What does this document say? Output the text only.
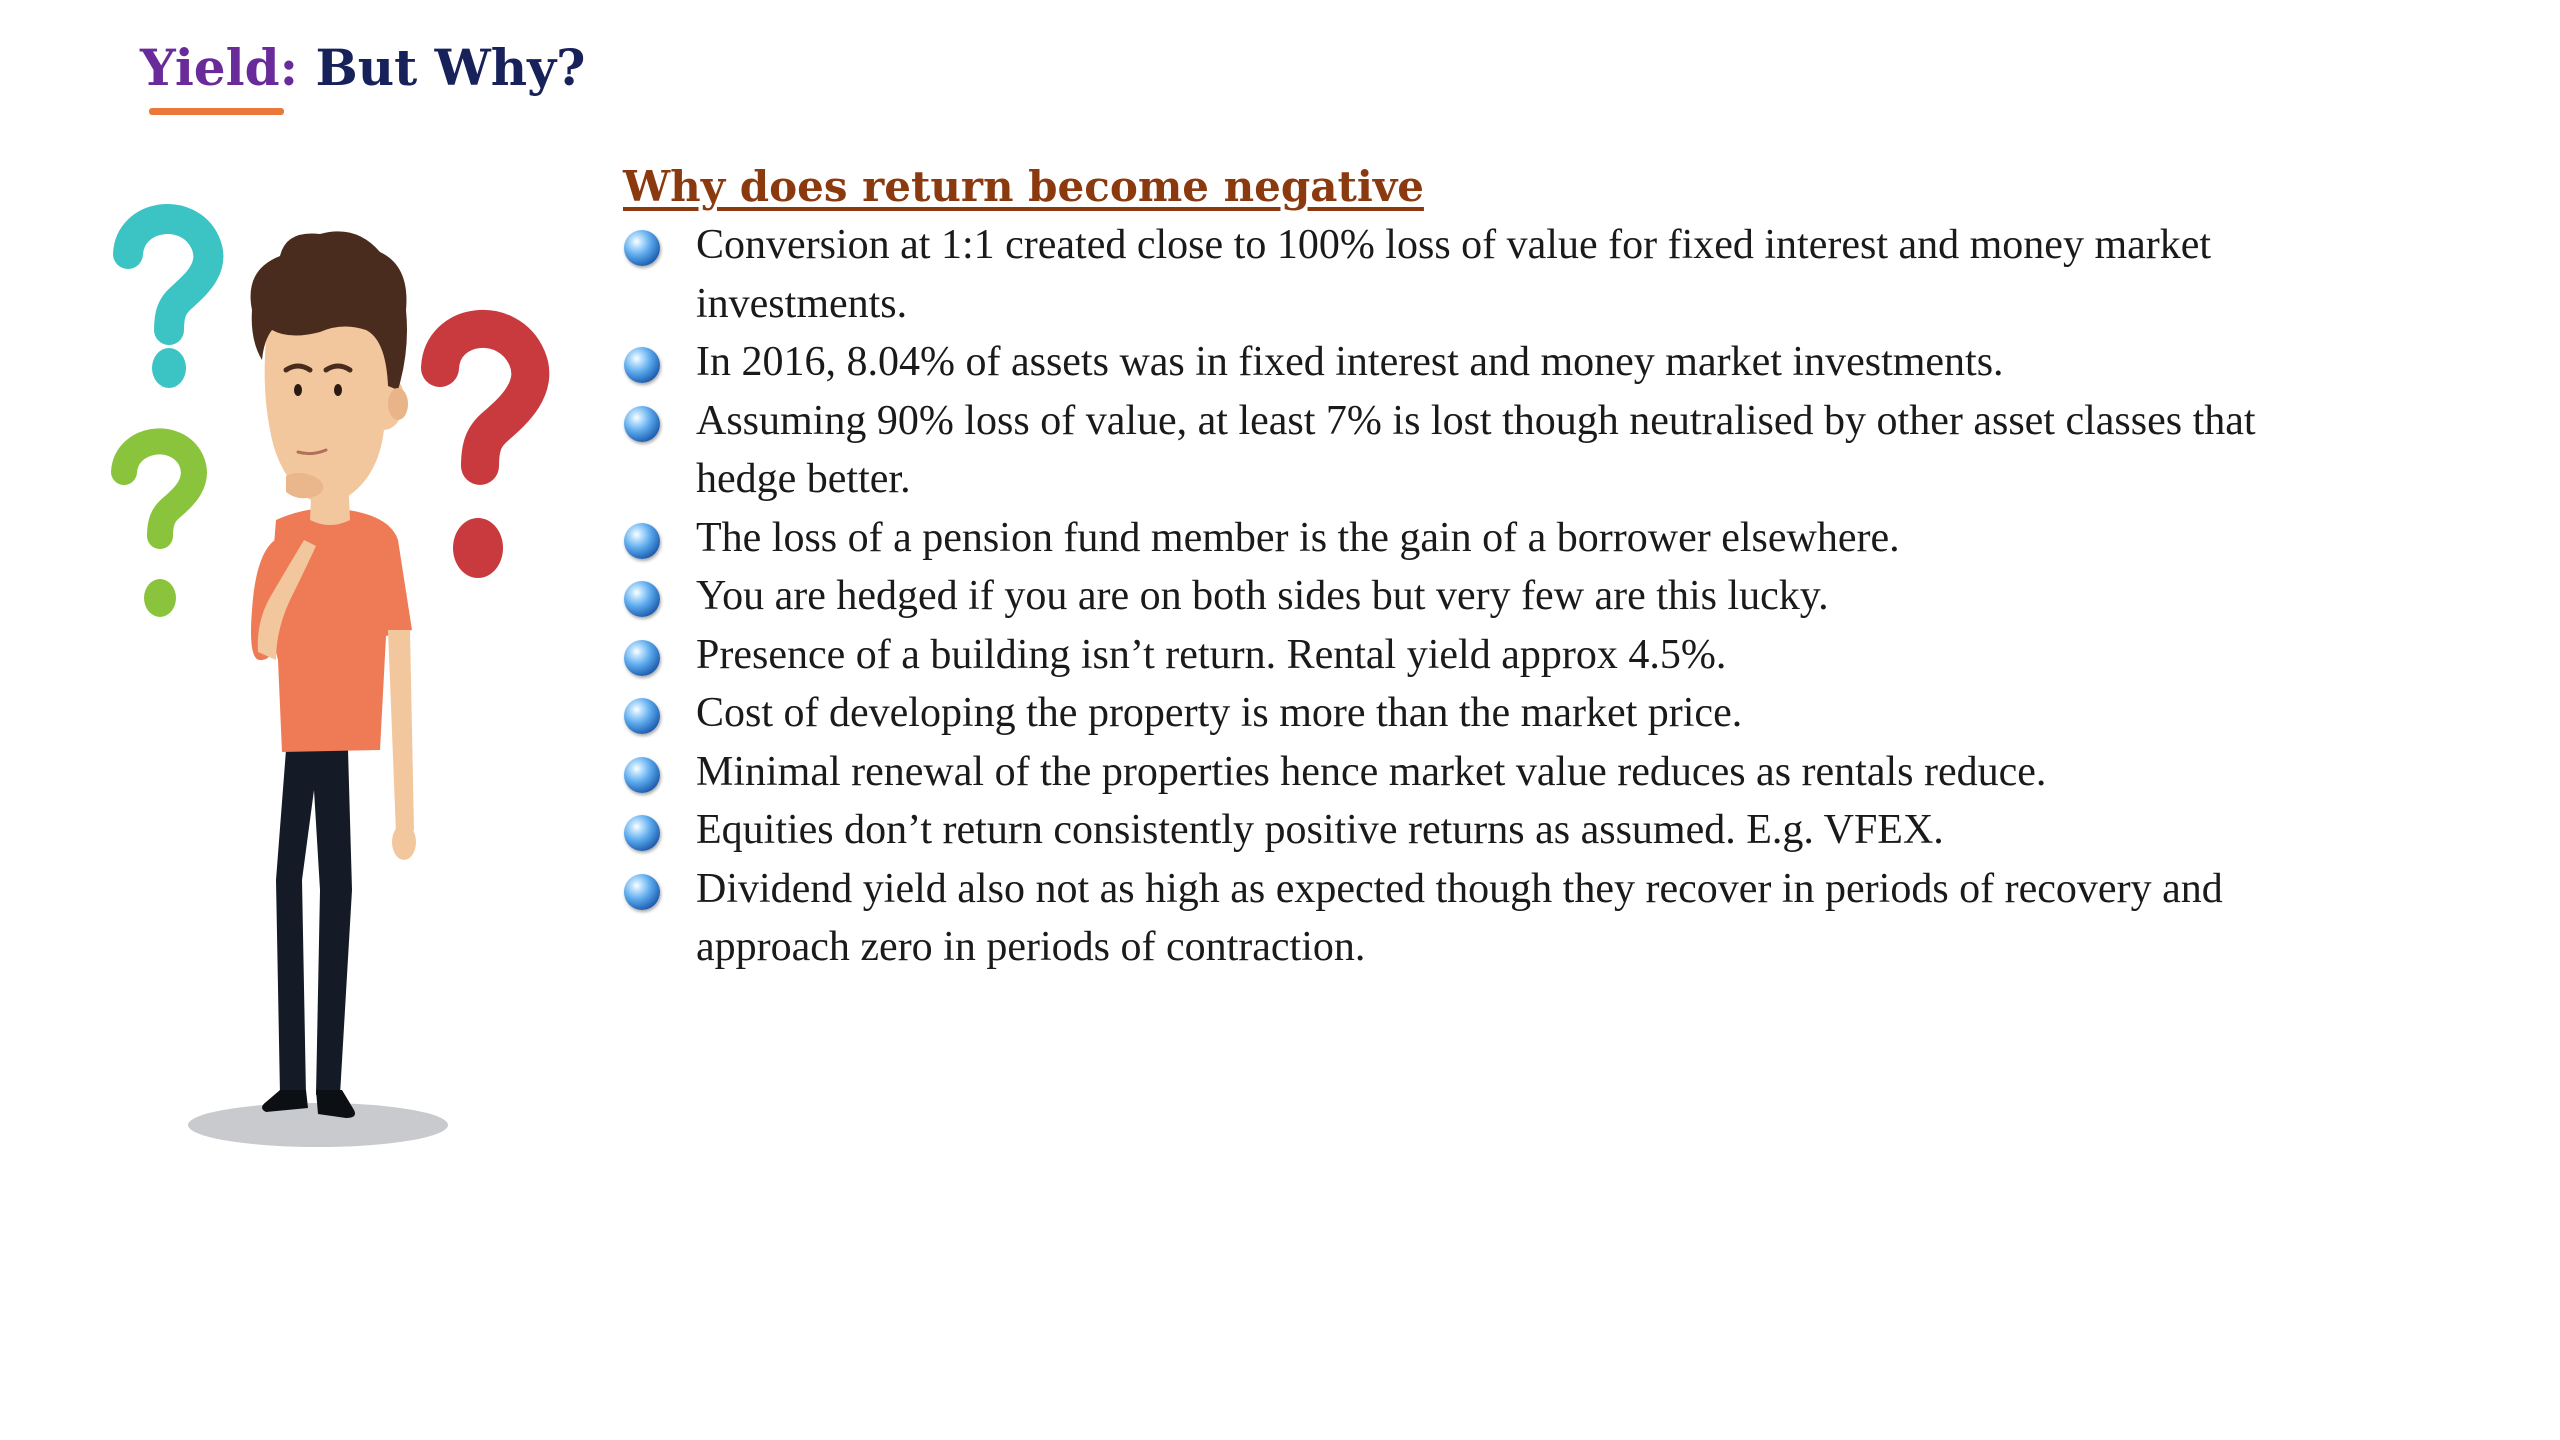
Yield: But Why?
Why does return become negative
Conversion at 1:1 created close to 100% loss of value for fixed interest and money market investments.
In 2016, 8.04% of assets was in fixed interest and money market investments.
Assuming 90% loss of value, at least 7% is lost though neutralised by other asset classes that hedge better.
The loss of a pension fund member is the gain of a borrower elsewhere.
You are hedged if you are on both sides but very few are this lucky.
Presence of a building isn’t return. Rental yield approx 4.5%.
Cost of developing the property is more than the market price.
Minimal renewal of the properties hence market value reduces as rentals reduce.
Equities don’t return consistently positive returns as assumed. E.g. VFEX.
Dividend yield also not as high as expected though they recover in periods of recovery and approach zero in periods of contraction.
